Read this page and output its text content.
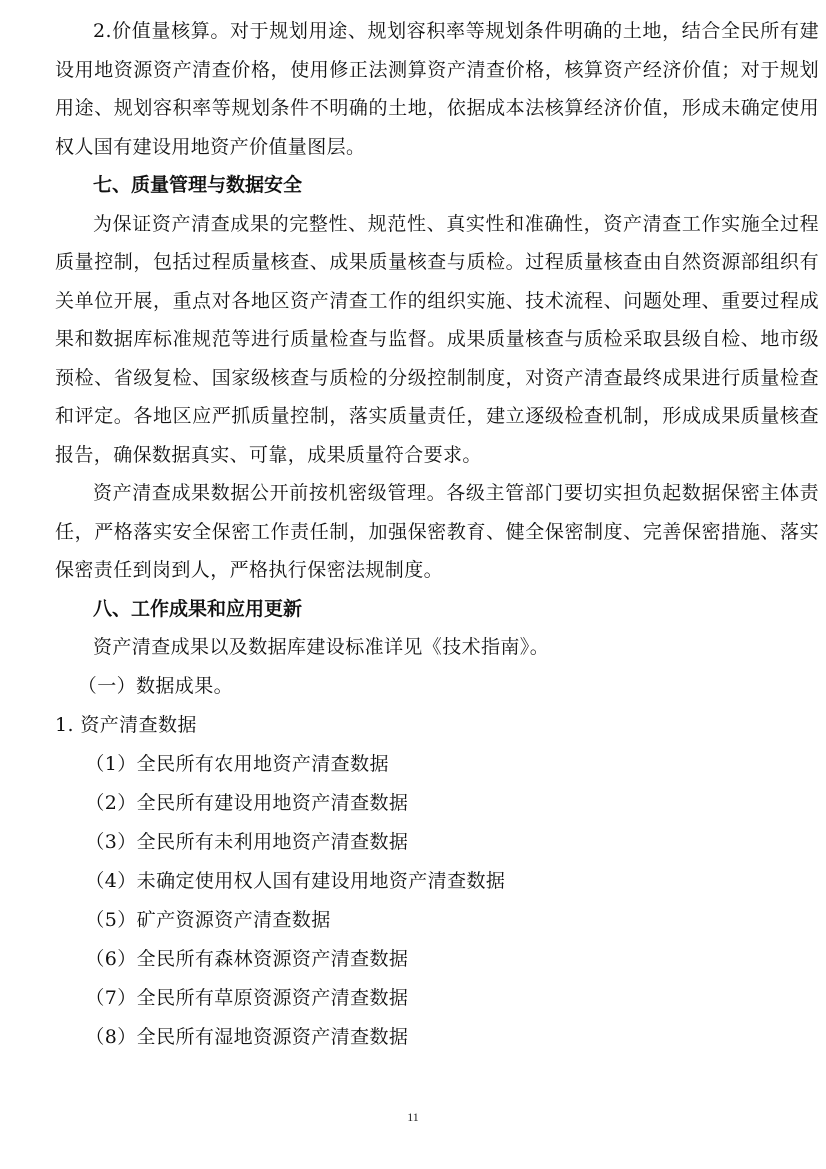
2.价值量核算。对于规划用途、规划容积率等规划条件明确的土地，结合全民所有建设用地资源资产清查价格，使用修正法测算资产清查价格，核算资产经济价值；对于规划用途、规划容积率等规划条件不明确的土地，依据成本法核算经济价值，形成未确定使用权人国有建设用地资产价值量图层。

七、质量管理与数据安全

为保证资产清查成果的完整性、规范性、真实性和准确性，资产清查工作实施全过程质量控制，包括过程质量核查、成果质量核查与质检。过程质量核查由自然资源部组织有关单位开展，重点对各地区资产清查工作的组织实施、技术流程、问题处理、重要过程成果和数据库标准规范等进行质量检查与监督。成果质量核查与质检采取县级自检、地市级预检、省级复检、国家级核查与质检的分级控制制度，对资产清查最终成果进行质量检查和评定。各地区应严抓质量控制，落实质量责任，建立逐级检查机制，形成成果质量核查报告，确保数据真实、可靠，成果质量符合要求。

资产清查成果数据公开前按机密级管理。各级主管部门要切实担负起数据保密主体责任，严格落实安全保密工作责任制，加强保密教育、健全保密制度、完善保密措施、落实保密责任到岗到人，严格执行保密法规制度。

八、工作成果和应用更新

资产清查成果以及数据库建设标准详见《技术指南》。

（一）数据成果。
1. 资产清查数据
（1）全民所有农用地资产清查数据
（2）全民所有建设用地资产清查数据
（3）全民所有未利用地资产清查数据
（4）未确定使用权人国有建设用地资产清查数据
（5）矿产资源资产清查数据
（6）全民所有森林资源资产清查数据
（7）全民所有草原资源资产清查数据
（8）全民所有湿地资源资产清查数据
11
